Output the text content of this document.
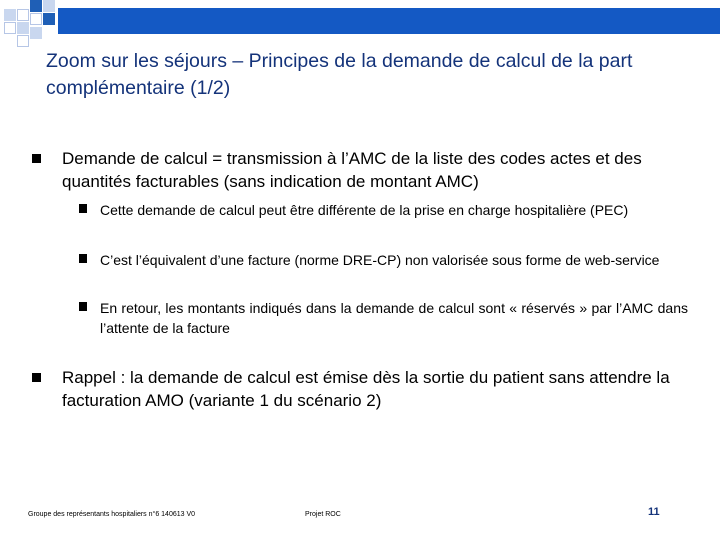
Zoom sur les séjours – Principes de la demande de calcul de la part complémentaire (1/2)
Demande de calcul = transmission à l’AMC de la liste des codes actes et des quantités facturables (sans indication de montant AMC)
Cette demande de calcul peut être différente de la prise en charge hospitalière (PEC)
C’est l’équivalent d’une facture (norme DRE-CP) non valorisée sous forme de web-service
En retour, les montants indiqués dans la demande de calcul sont « réservés » par l’AMC dans l’attente de la facture
Rappel : la demande de calcul est émise dès la sortie du patient sans attendre la facturation AMO (variante 1 du scénario 2)
Groupe des représentants hospitaliers n°6 140613 V0	Projet ROC	11
